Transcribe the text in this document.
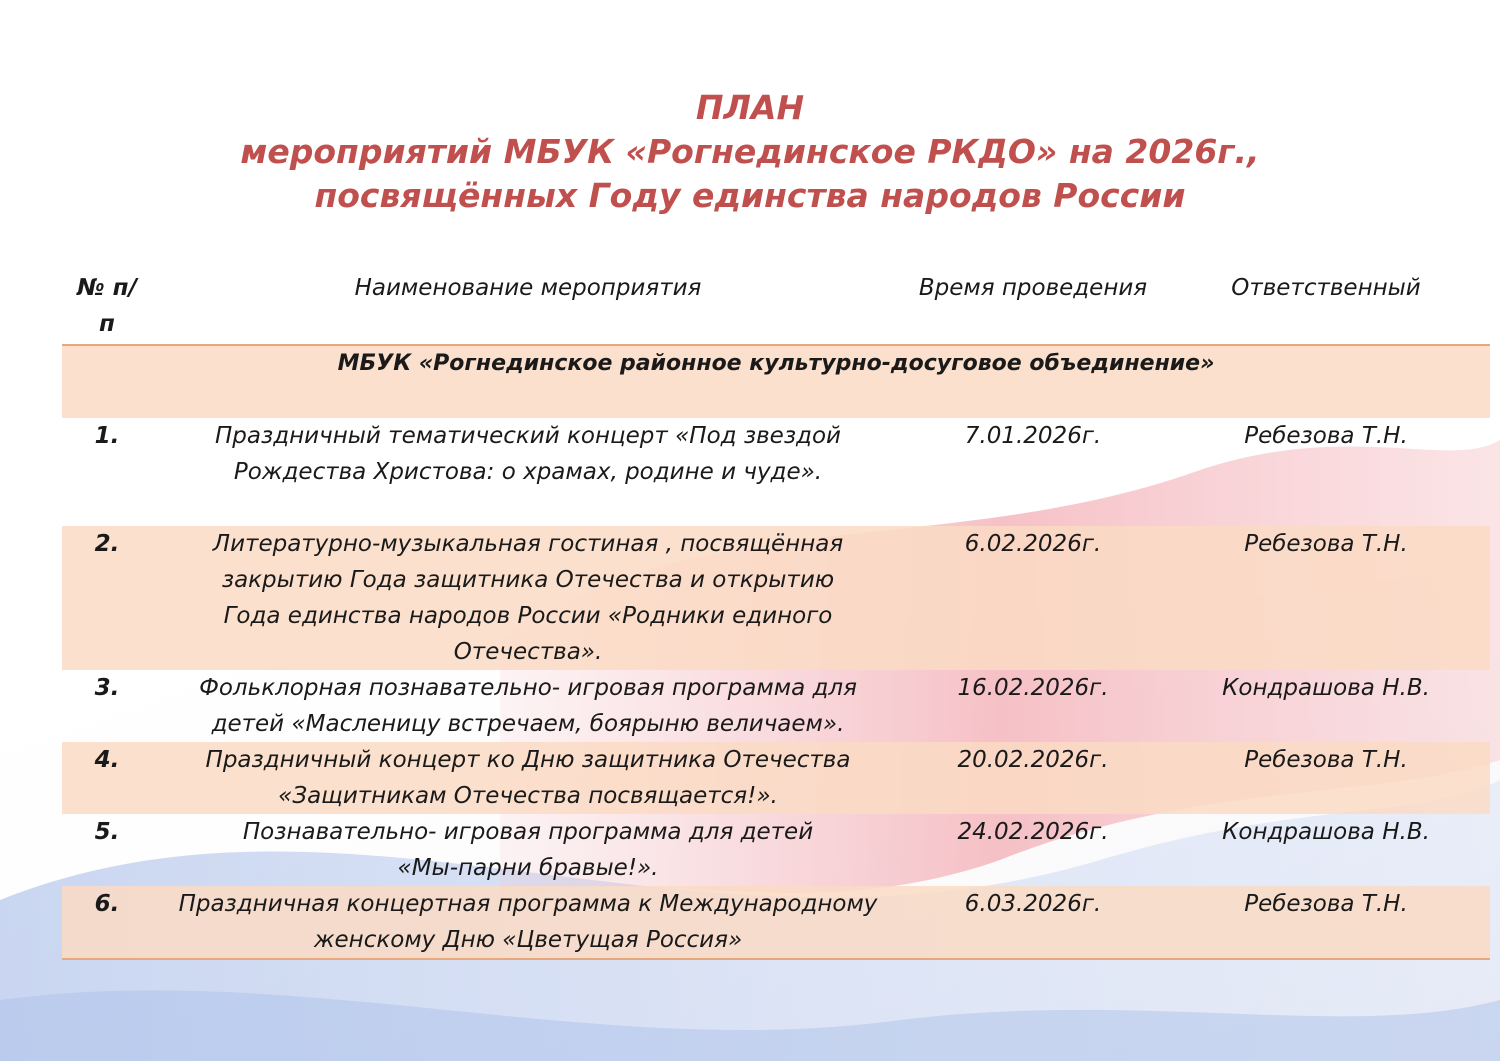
ПЛАН
мероприятий МБУК «Рогнединское РКДО» на 2026г.,
посвящённых Году единства народов России
№ п/п	Наименование мероприятия	Время проведения	Ответственный
МБУК «Рогнединское районное культурно-досуговое объединение»			
1.	Праздничный тематический концерт «Под звездой Рождества Христова: о храмах, родине и чуде».	7.01.2026г.	Ребезова Т.Н.
2.	Литературно-музыкальная гостиная , посвящённая закрытию Года защитника Отечества и открытию Года единства народов России «Родники единого Отечества».	6.02.2026г.	Ребезова Т.Н.
3.	Фольклорная познавательно- игровая программа для детей «Масленицу встречаем, боярыню величаем».	16.02.2026г.	Кондрашова Н.В.
4.	Праздничный концерт ко Дню защитника Отечества «Защитникам Отечества посвящается!».	20.02.2026г.	Ребезова Т.Н.
5.	Познавательно- игровая программа для детей «Мы-парни бравые!».	24.02.2026г.	Кондрашова Н.В.
6.	Праздничная концертная программа к Международному женскому Дню «Цветущая Россия»	6.03.2026г.	Ребезова Т.Н.
